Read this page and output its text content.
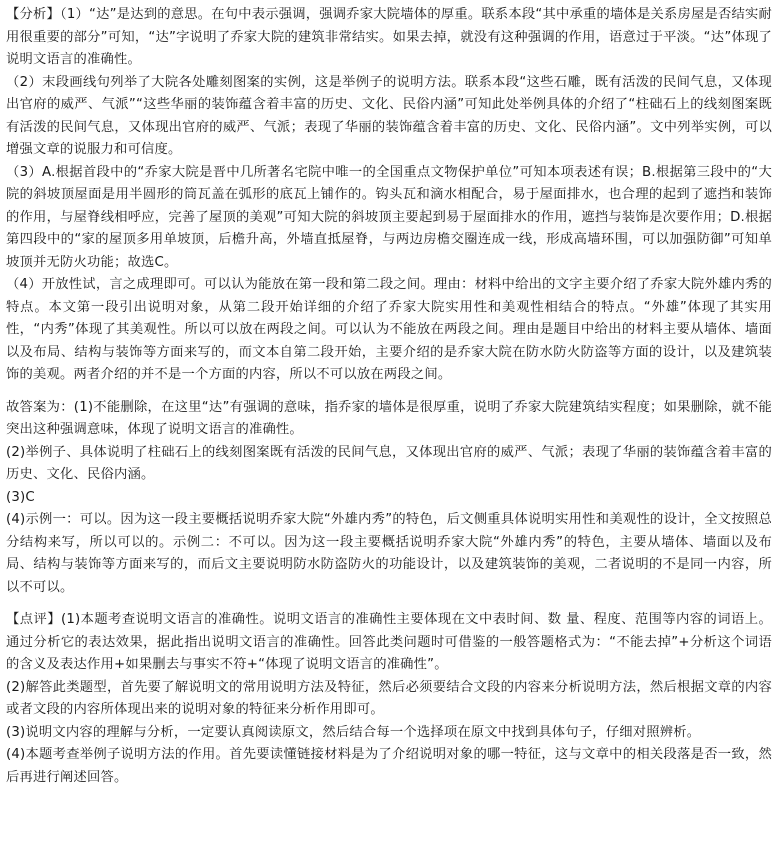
【分析】（1）“达”是达到的意思。在句中表示强调，强调乔家大院墙体的厚重。联系本段“其中承重的墙体是关系房屋是否结实耐用很重要的部分”可知，“达”字说明了乔家大院的建筑非常结实。如果去掉，就没有这种强调的作用，语意过于平淡。“达”体现了说明文语言的准确性。

（2）末段画线句列举了大院各处雕刻图案的实例，这是举例子的说明方法。联系本段“这些石雕，既有活泼的民间气息，又体现出官府的威严、气派”“这些华丽的装饰蕴含着丰富的历史、文化、民俗内涵”可知此处举例具体的介绍了“柱础石上的线刻图案既有活泼的民间气息，又体现出官府的威严、气派；表现了华丽的装饰蕴含着丰富的历史、文化、民俗内涵”。文中列举实例，可以增强文章的说服力和可信度。

（3）A.根据首段中的“乔家大院是晋中几所著名宅院中唯一的全国重点文物保护单位”可知本项表述有误；B.根据第三段中的“大院的斜坡顶屋面是用半圆形的筒瓦盖在弧形的底瓦上铺作的。钩头瓦和滴水相配合，易于屋面排水，也合理的起到了遮挡和装饰的作用，与屋脊线相呼应，完善了屋顶的美观”可知大院的斜坡顶主要起到易于屋面排水的作用，遮挡与装饰是次要作用；D.根据第四段中的“家的屋顶多用单坡顶，后檐升高，外墙直抵屋脊，与两边房檐交圈连成一线，形成高墙环围，可以加强防御”可知单坡顶并无防火功能；故选C。

（4）开放性试，言之成理即可。可以认为能放在第一段和第二段之间。理由：材料中给出的文字主要介绍了乔家大院外雄内秀的特点。本文第一段引出说明对象，从第二段开始详细的介绍了乔家大院实用性和美观性相结合的特点。“外雄”体现了其实用性，“内秀”体现了其美观性。所以可以放在两段之间。可以认为不能放在两段之间。理由是题目中给出的材料主要从墙体、墙面以及布局、结构与装饰等方面来写的，而文本自第二段开始，主要介绍的是乔家大院在防水防火防盗等方面的设计，以及建筑装饰的美观。两者介绍的并不是一个方面的内容，所以不可以放在两段之间。

故答案为：(1)不能删除，在这里“达”有强调的意味，指乔家的墙体是很厚重，说明了乔家大院建筑结实程度；如果删除，就不能突出这种强调意味，体现了说明文语言的准确性。

(2)举例子、具体说明了柱础石上的线刻图案既有活泼的民间气息，又体现出官府的威严、气派；表现了华丽的装饰蕴含着丰富的历史、文化、民俗内涵。

(3)C

(4)示例一：可以。因为这一段主要概括说明乔家大院“外雄内秀”的特色，后文侧重具体说明实用性和美观性的设计，全文按照总分结构来写，所以可以的。示例二：不可以。因为这一段主要概括说明乔家大院“外雄内秀”的特色，主要从墙体、墙面以及布局、结构与装饰等方面来写的，而后文主要说明防水防盗防火的功能设计，以及建筑装饰的美观，二者说明的不是同一内容，所以不可以。

【点评】(1)本题考查说明文语言的准确性。说明文语言的准确性主要体现在文中表时间、数 量、程度、范围等内容的词语上。通过分析它的表达效果，据此指出说明文语言的准确性。回答此类问题时可借鉴的一般答题格式为：“不能去掉”+分析这个词语的含义及表达作用+如果删去与事实不符+“体现了说明文语言的准确性”。

(2)解答此类题型，首先要了解说明文的常用说明方法及特征，然后必须要结合文段的内容来分析说明方法，然后根据文章的内容或者文段的内容所体现出来的说明对象的特征来分析作用即可。

(3)说明文内容的理解与分析，一定要认真阅读原文，然后结合每一个选择项在原文中找到具体句子，仔细对照辨析。

(4)本题考查举例子说明方法的作用。首先要读懂链接材料是为了介绍说明对象的哪一特征，这与文章中的相关段落是否一致，然后再进行阐述回答。
